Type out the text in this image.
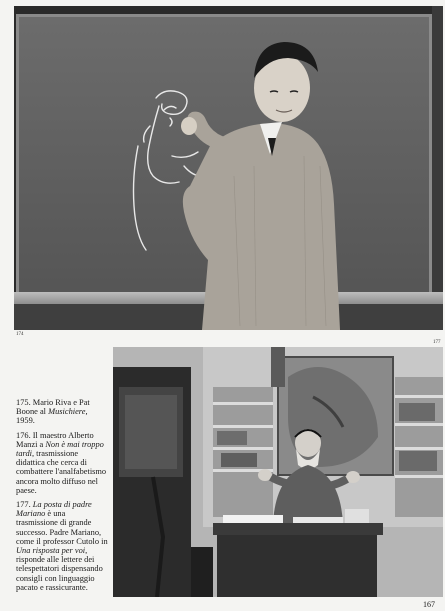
174
177

175. Mario Riva e Pat Boone al Musichiere, 1959.

176. Il maestro Alberto Manzi a Non è mai troppo tardi, trasmissione didattica che cerca di combattere l'analfabetismo ancora molto diffuso nel paese.

177. La posta di padre Mariano è una trasmissione di grande successo. Padre Mariano, come il professor Cutolo in Una risposta per voi, risponde alle lettere dei telespettatori dispensando consigli con linguaggio pacato e rassicurante.

167
